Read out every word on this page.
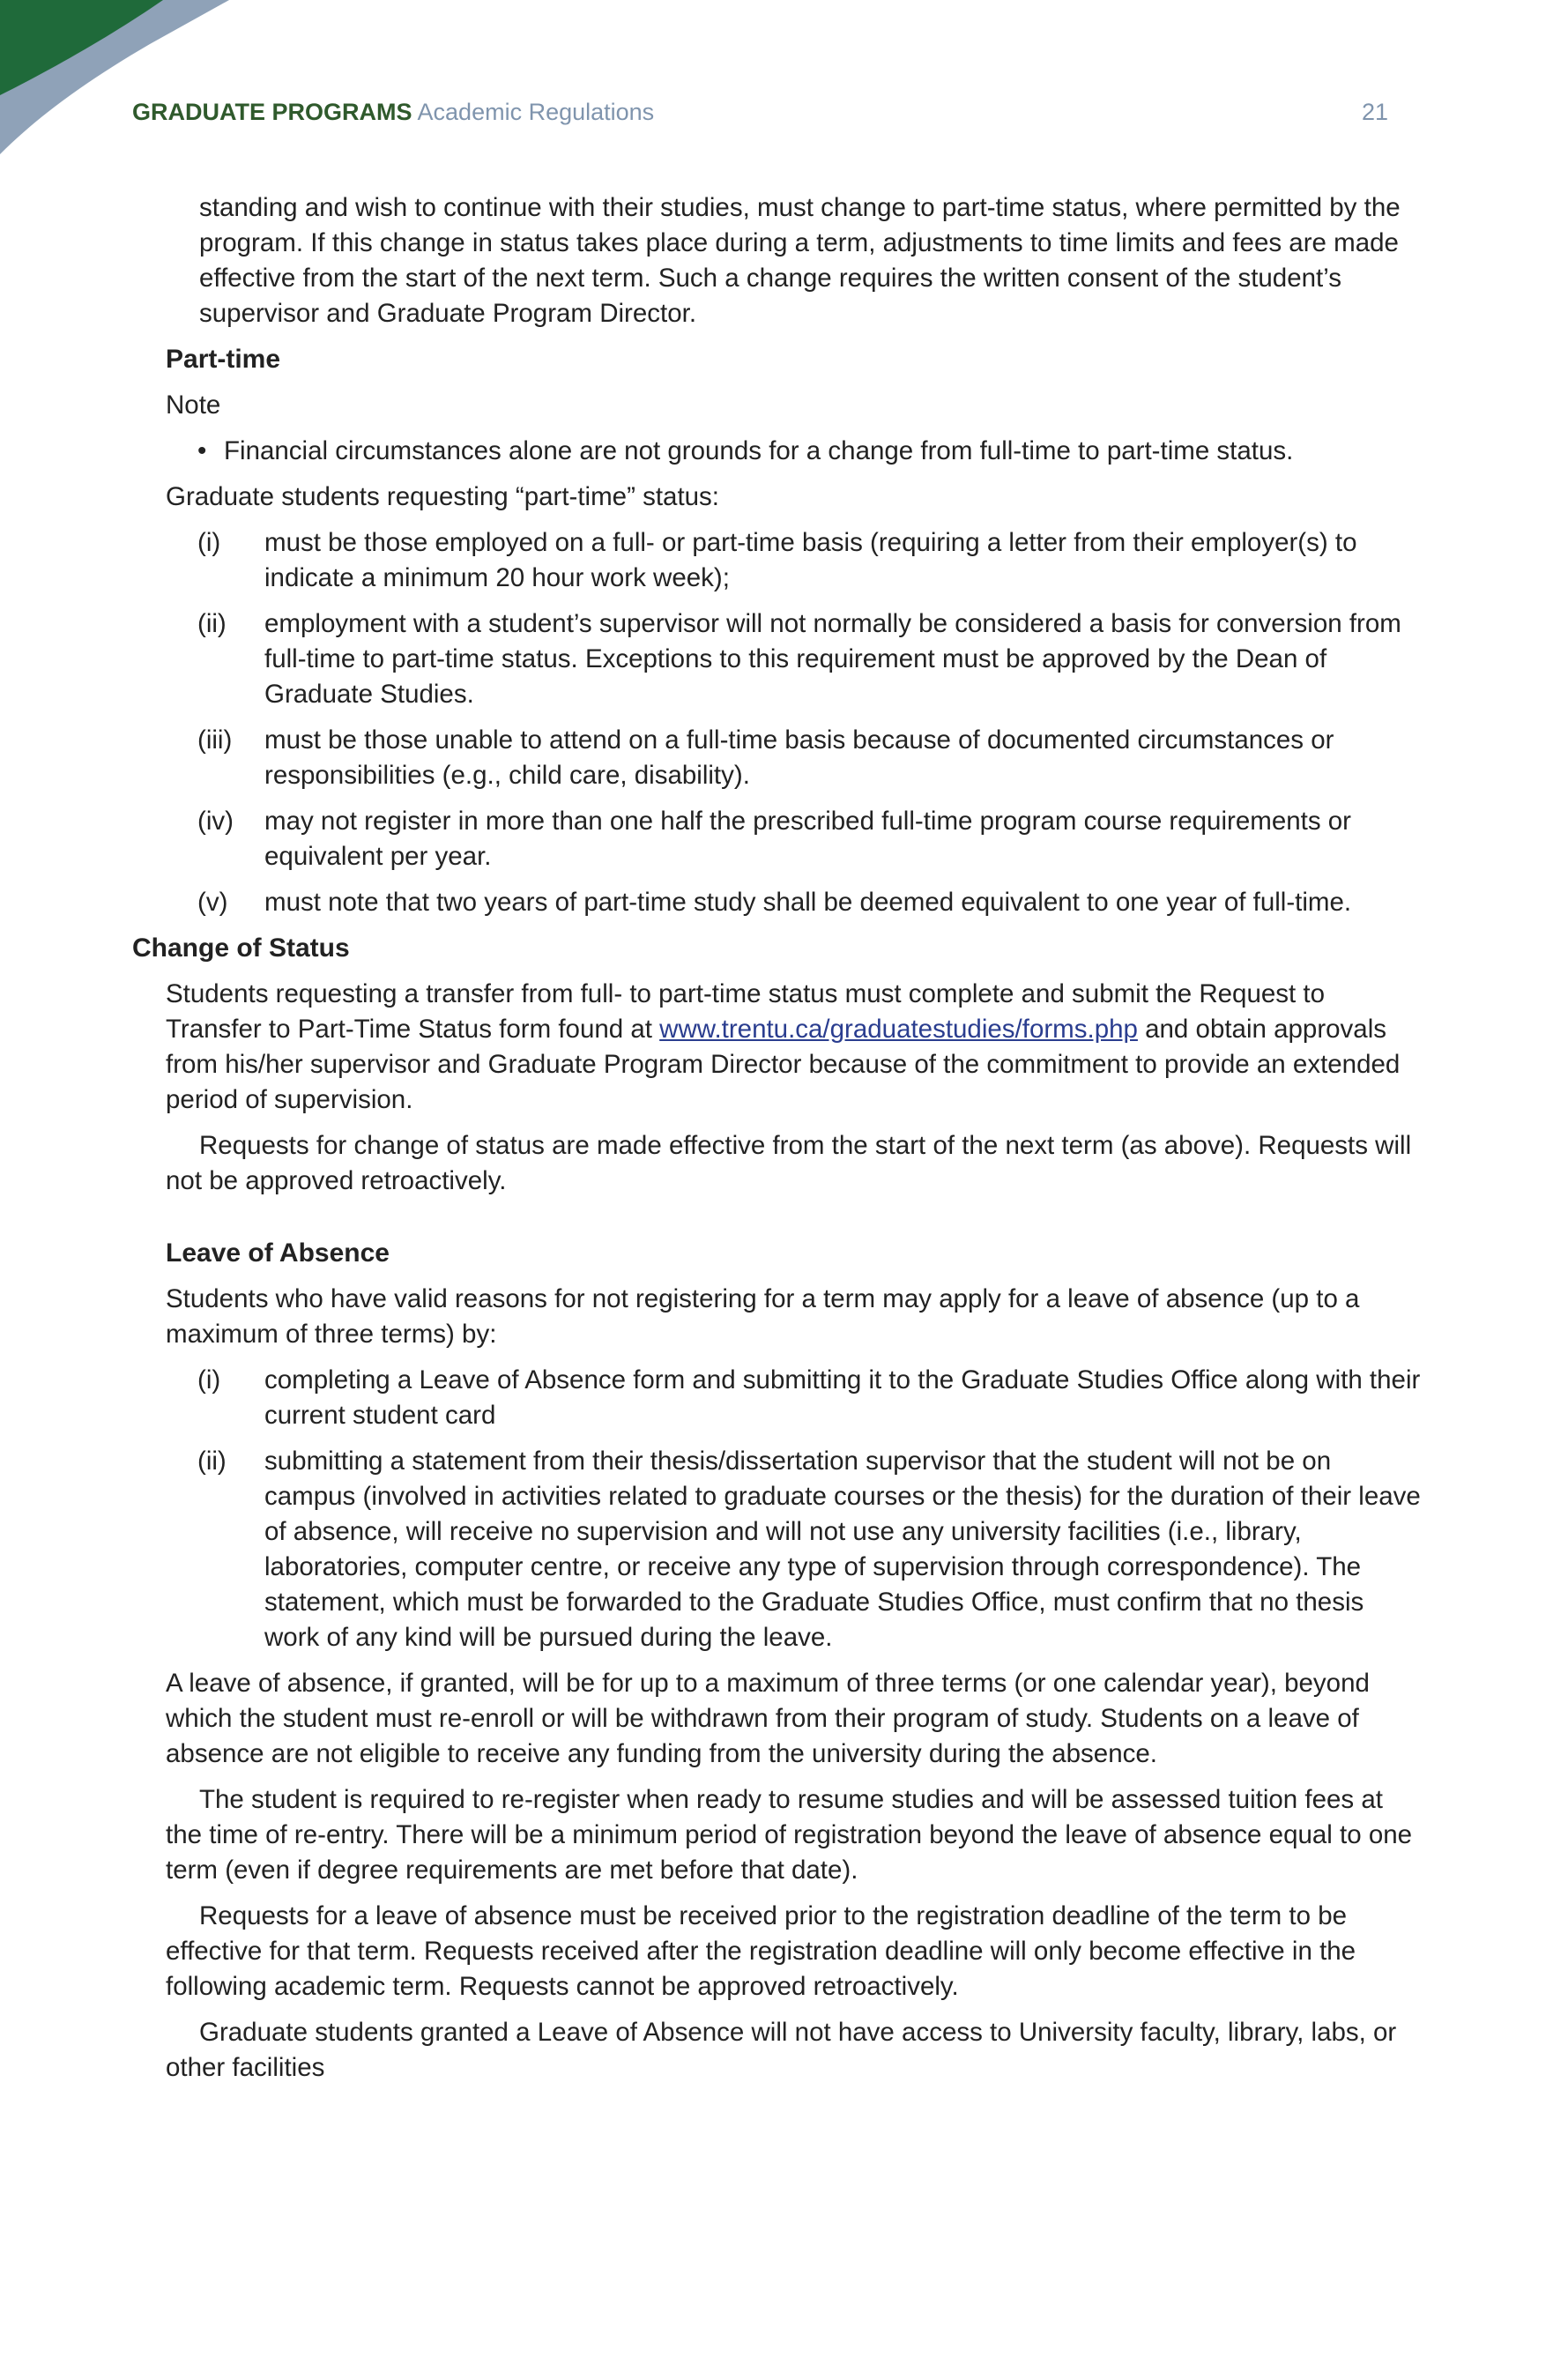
GRADUATE PROGRAMS Academic Regulations	21

standing and wish to continue with their studies, must change to part-time status, where permitted by the program. If this change in status takes place during a term, adjustments to time limits and fees are made effective from the start of the next term. Such a change requires the written consent of the student’s supervisor and Graduate Program Director.

Part-time

Note

• Financial circumstances alone are not grounds for a change from full-time to part-time status.

Graduate students requesting “part-time” status:

(i)	must be those employed on a full- or part-time basis (requiring a letter from their employer(s) to indicate a minimum 20 hour work week);
(ii)	employment with a student’s supervisor will not normally be considered a basis for conversion from full-time to part-time status. Exceptions to this requirement must be approved by the Dean of Graduate Studies.
(iii)	must be those unable to attend on a full-time basis because of documented circumstances or responsibilities (e.g., child care, disability).
(iv)	may not register in more than one half the prescribed full-time program course requirements or equivalent per year.
(v)	must note that two years of part-time study shall be deemed equivalent to one year of full-time.
Change of Status

Students requesting a transfer from full- to part-time status must complete and submit the Request to Transfer to Part-Time Status form found at www.trentu.ca/graduatestudies/forms.php and obtain approvals from his/her supervisor and Graduate Program Director because of the commitment to provide an extended period of supervision.

Requests for change of status are made effective from the start of the next term (as above). Requests will not be approved retroactively.

Leave of Absence

Students who have valid reasons for not registering for a term may apply for a leave of absence (up to a maximum of three terms) by:

(i)	completing a Leave of Absence form and submitting it to the Graduate Studies Office along with their current student card
(ii)	submitting a statement from their thesis/dissertation supervisor that the student will not be on campus (involved in activities related to graduate courses or the thesis) for the duration of their leave of absence, will receive no supervision and will not use any university facilities (i.e., library, laboratories, computer centre, or receive any type of supervision through correspondence). The statement, which must be forwarded to the Graduate Studies Office, must confirm that no thesis work of any kind will be pursued during the leave.

A leave of absence, if granted, will be for up to a maximum of three terms (or one calendar year), beyond which the student must re-enroll or will be withdrawn from their program of study. Students on a leave of absence are not eligible to receive any funding from the university during the absence.

The student is required to re-register when ready to resume studies and will be assessed tuition fees at the time of re-entry. There will be a minimum period of registration beyond the leave of absence equal to one term (even if degree requirements are met before that date).

Requests for a leave of absence must be received prior to the registration deadline of the term to be effective for that term. Requests received after the registration deadline will only become effective in the following academic term. Requests cannot be approved retroactively.

Graduate students granted a Leave of Absence will not have access to University faculty, library, labs, or other facilities
